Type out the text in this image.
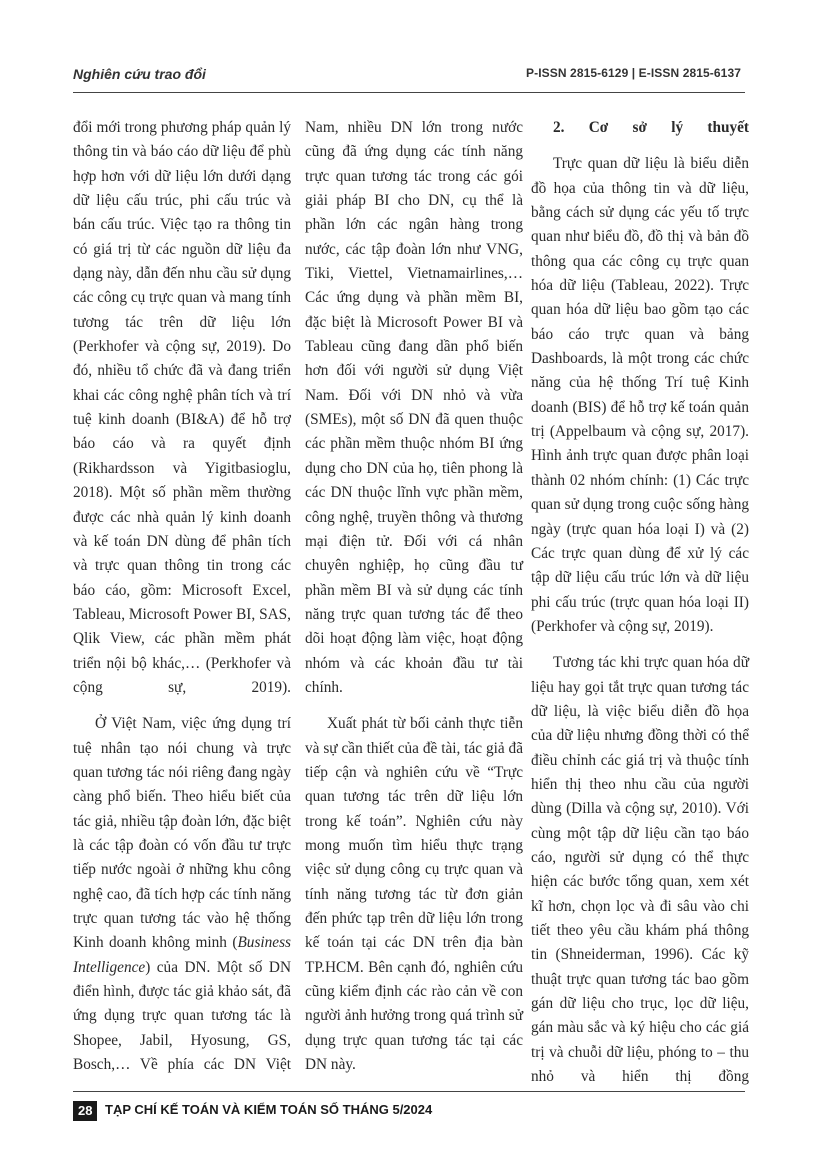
Nghiên cứu trao đổi	P-ISSN 2815-6129 | E-ISSN 2815-6137

đổi mới trong phương pháp quản lý thông tin và báo cáo dữ liệu để phù hợp hơn với dữ liệu lớn dưới dạng dữ liệu cấu trúc, phi cấu trúc và bán cấu trúc. Việc tạo ra thông tin có giá trị từ các nguồn dữ liệu đa dạng này, dẫn đến nhu cầu sử dụng các công cụ trực quan và mang tính tương tác trên dữ liệu lớn (Perkhofer và cộng sự, 2019). Do đó, nhiều tổ chức đã và đang triển khai các công nghệ phân tích và trí tuệ kinh doanh (BI&A) để hỗ trợ báo cáo và ra quyết định (Rikhardsson và Yigitbasioglu, 2018). Một số phần mềm thường được các nhà quản lý kinh doanh và kế toán DN dùng để phân tích và trực quan thông tin trong các báo cáo, gồm: Microsoft Excel, Tableau, Microsoft Power BI, SAS, Qlik View, các phần mềm phát triển nội bộ khác,… (Perkhofer và cộng sự, 2019).

Ở Việt Nam, việc ứng dụng trí tuệ nhân tạo nói chung và trực quan tương tác nói riêng đang ngày càng phổ biến. Theo hiểu biết của tác giả, nhiều tập đoàn lớn, đặc biệt là các tập đoàn có vốn đầu tư trực tiếp nước ngoài ở những khu công nghệ cao, đã tích hợp các tính năng trực quan tương tác vào hệ thống Kinh doanh không minh (Business Intelligence) của DN. Một số DN điển hình, được tác giả khảo sát, đã ứng dụng trực quan tương tác là Shopee, Jabil, Hyosung, GS, Bosch,… Về phía các DN Việt

Nam, nhiều DN lớn trong nước cũng đã ứng dụng các tính năng trực quan tương tác trong các gói giải pháp BI cho DN, cụ thể là phần lớn các ngân hàng trong nước, các tập đoàn lớn như VNG, Tiki, Viettel, Vietnamairlines,… Các ứng dụng và phần mềm BI, đặc biệt là Microsoft Power BI và Tableau cũng đang dần phổ biến hơn đối với người sử dụng Việt Nam. Đối với DN nhỏ và vừa (SMEs), một số DN đã quen thuộc các phần mềm thuộc nhóm BI ứng dụng cho DN của họ, tiên phong là các DN thuộc lĩnh vực phần mềm, công nghệ, truyền thông và thương mại điện tử. Đối với cá nhân chuyên nghiệp, họ cũng đầu tư phần mềm BI và sử dụng các tính năng trực quan tương tác để theo dõi hoạt động làm việc, hoạt động nhóm và các khoản đầu tư tài chính.

Xuất phát từ bối cảnh thực tiễn và sự cần thiết của đề tài, tác giả đã tiếp cận và nghiên cứu về “Trực quan tương tác trên dữ liệu lớn trong kế toán”. Nghiên cứu này mong muốn tìm hiểu thực trạng việc sử dụng công cụ trực quan và tính năng tương tác từ đơn giản đến phức tạp trên dữ liệu lớn trong kế toán tại các DN trên địa bàn TP.HCM. Bên cạnh đó, nghiên cứu cũng kiểm định các rào cản về con người ảnh hưởng trong quá trình sử dụng trực quan tương tác tại các DN này.

2. Cơ sở lý thuyết

Trực quan dữ liệu là biểu diễn đồ họa của thông tin và dữ liệu, bằng cách sử dụng các yếu tố trực quan như biểu đồ, đồ thị và bản đồ thông qua các công cụ trực quan hóa dữ liệu (Tableau, 2022). Trực quan hóa dữ liệu bao gồm tạo các báo cáo trực quan và bảng Dashboards, là một trong các chức năng của hệ thống Trí tuệ Kinh doanh (BIS) để hỗ trợ kế toán quản trị (Appelbaum và cộng sự, 2017). Hình ảnh trực quan được phân loại thành 02 nhóm chính: (1) Các trực quan sử dụng trong cuộc sống hàng ngày (trực quan hóa loại I) và (2) Các trực quan dùng để xử lý các tập dữ liệu cấu trúc lớn và dữ liệu phi cấu trúc (trực quan hóa loại II) (Perkhofer và cộng sự, 2019).

Tương tác khi trực quan hóa dữ liệu hay gọi tắt trực quan tương tác dữ liệu, là việc biểu diễn đồ họa của dữ liệu nhưng đồng thời có thể điều chỉnh các giá trị và thuộc tính hiển thị theo nhu cầu của người dùng (Dilla và cộng sự, 2010). Với cùng một tập dữ liệu cần tạo báo cáo, người sử dụng có thể thực hiện các bước tổng quan, xem xét kĩ hơn, chọn lọc và đi sâu vào chi tiết theo yêu cầu khám phá thông tin (Shneiderman, 1996). Các kỹ thuật trực quan tương tác bao gồm gán dữ liệu cho trục, lọc dữ liệu, gán màu sắc và ký hiệu cho các giá trị và chuỗi dữ liệu, phóng to – thu nhỏ và hiển thị đồng

28 TẠP CHÍ KẾ TOÁN VÀ KIỂM TOÁN SỐ THÁNG 5/2024
